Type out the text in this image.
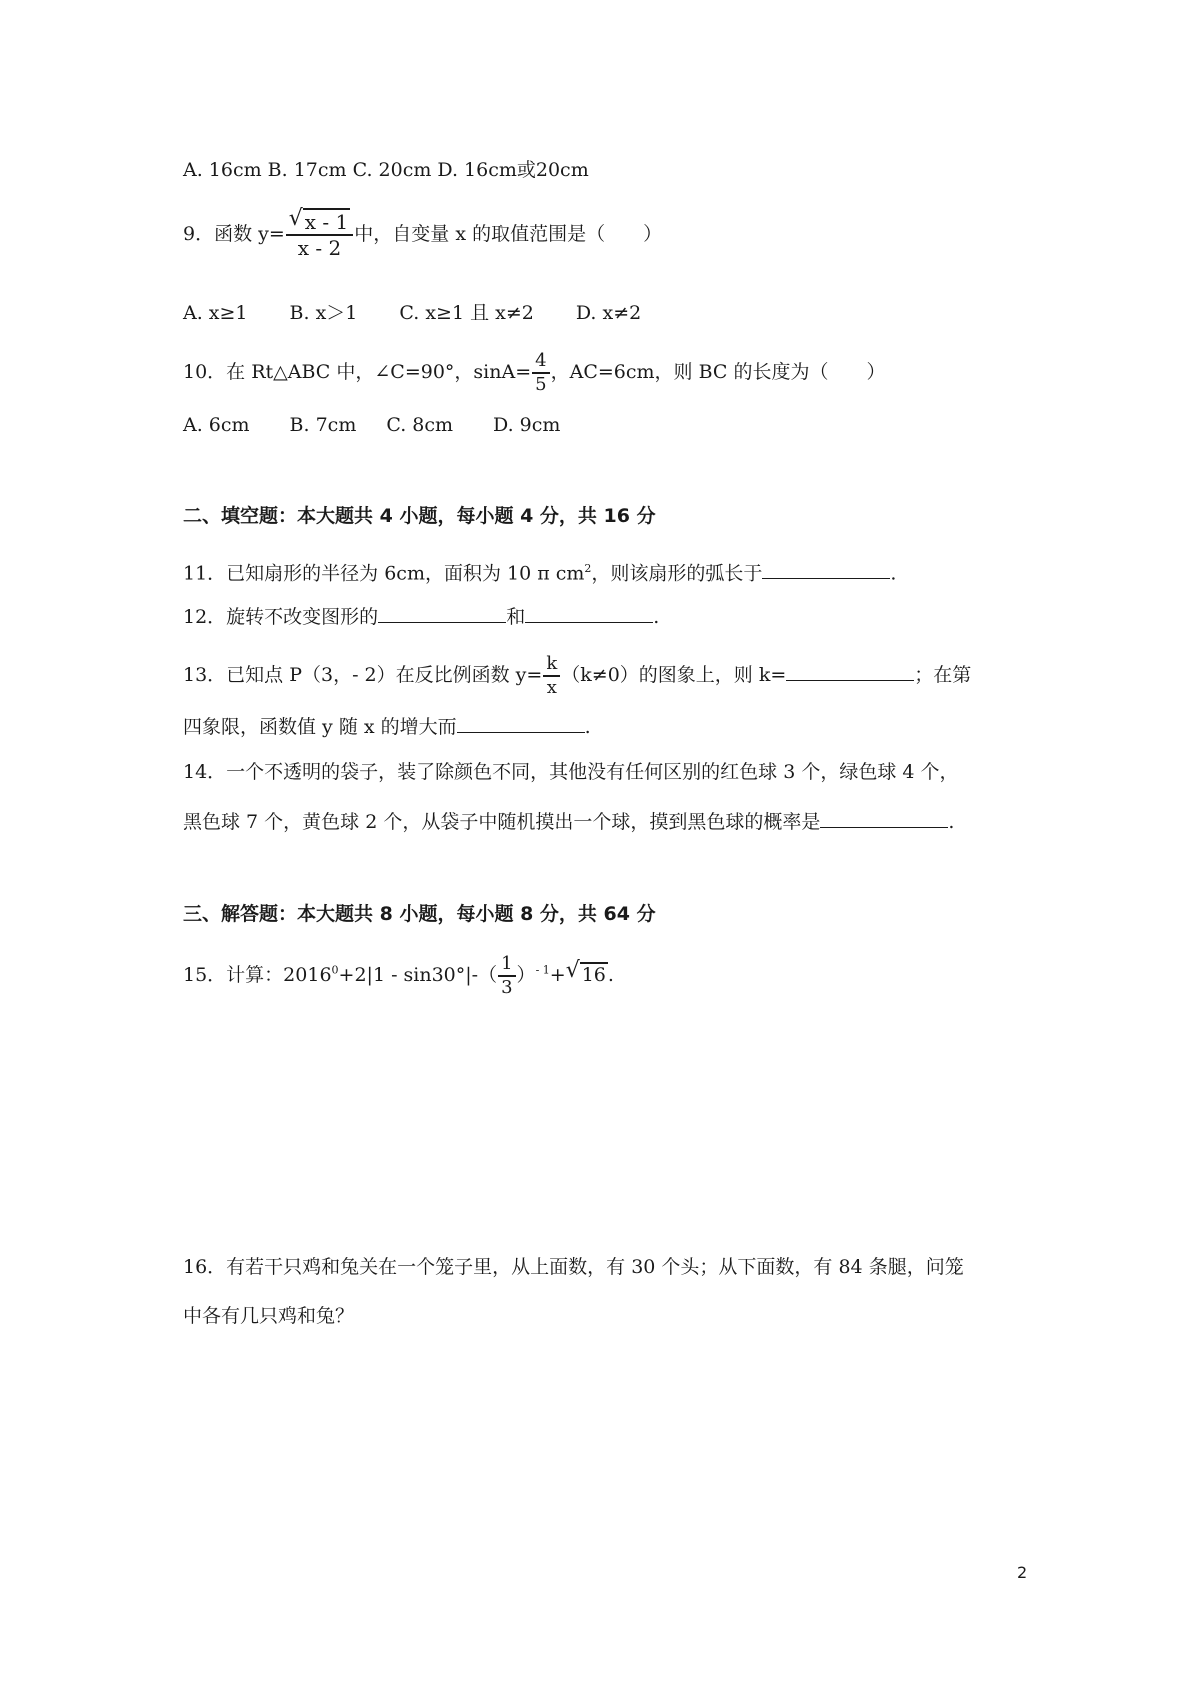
A. 16cm B. 17cm C. 20cm D. 16cm或20cm
9．函数 $y= \frac{√ x - 1}{x - 2}$ 中，自变量 x 的取值范围是（　　）
A. x≥1 B. x＞1 C. x≥1 且 x≠2 D. x≠2
10．在 Rt△ABC 中，∠C=90°，$\sin A= \frac{4}{5}$ ，AC=6cm，则 BC 的长度为（　　）
A. 6cm B. 7cm C. 8cm D. 9cm
二、填空题：本大题共 4 小题，每小题 4 分，共 16 分
11．已知扇形的半径为 6cm，面积为 10 π $cm^2$，则该扇形的弧长于	.
12．旋转不改变图形的	和	.
13．已知点 P（3，- 2）在反比例函数 $y= \frac{k}{x} (k\ne 0)$的图象上，则 k=	；在第
四象限，函数值 y 随 x 的增大而	.
14．一个不透明的袋子，装了除颜色不同，其他没有任何区别的红色球 3 个，绿色球 4 个，
黑色球 7 个，黄色球 2 个，从袋子中随机摸出一个球，摸到黑色球的概率是	.
三、解答题：本大题共 8 小题，每小题 8 分，共 64 分
15．计算：$2016^0+2|1 - \sin 30^\circ|-( \frac{1}{3} )^{- 1}+$ √ 16 .
16．有若干只鸡和兔关在一个笼子里，从上面数，有 30 个头；从下面数，有 84 条腿，问笼
中各有几只鸡和兔？
2
